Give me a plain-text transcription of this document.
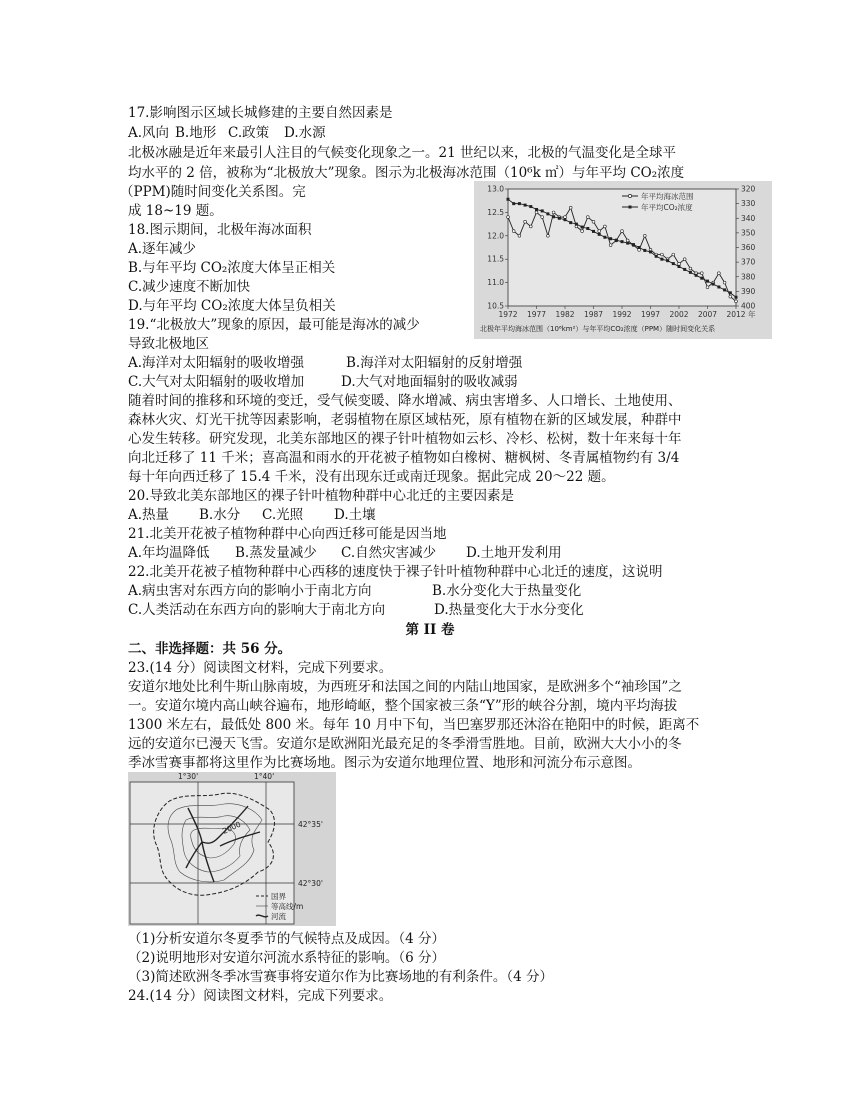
17.影响图示区域长城修建的主要自然因素是
A.风向 B.地形 C.政策 D.水源
北极冰融是近年来最引人注目的气候变化现象之一。21 世纪以来，北极的气温变化是全球平
均水平的 2 倍，被称为“北极放大”现象。图示为北极海冰范围（10⁶k ㎡）与年平均 CO₂浓度
（PPM)随时间变化关系图。完
成 18~19 题。
18.图示期间，北极年海冰面积
A.逐年减少
B.与年平均 CO₂浓度大体呈正相关
C.减少速度不断加快
D.与年平均 CO₂浓度大体呈负相关
19.“北极放大”现象的原因，最可能是海冰的减少
导致北极地区
A.海洋对太阳辐射的吸收增强	B.海洋对太阳辐射的反射增强
C.大气对太阳辐射的吸收增加	D.大气对地面辐射的吸收减弱
随着时间的推移和环境的变迁，受气候变暖、降水增减、病虫害增多、人口增长、土地使用、
森林火灾、灯光干扰等因素影响，老弱植物在原区域枯死，原有植物在新的区域发展，种群中
心发生转移。研究发现，北美东部地区的裸子针叶植物如云杉、冷杉、松树，数十年来每十年
向北迁移了 11 千米；喜高温和雨水的开花被子植物如白橡树、糖枫树、冬青属植物约有 3/4
每十年向西迁移了 15.4 千米，没有出现东迁或南迁现象。据此完成 20～22 题。
20.导致北美东部地区的裸子针叶植物种群中心北迁的主要因素是
A.热量 B.水分 C.光照 D.土壤
21.北美开花被子植物种群中心向西迁移可能是因当地
A.年均温降低 B.蒸发量减少 C.自然灾害减少 D.土地开发利用
22.北美开花被子植物种群中心西移的速度快于裸子针叶植物种群中心北迁的速度，这说明
A.病虫害对东西方向的影响小于南北方向	B.水分变化大于热量变化
C.人类活动在东西方向的影响大于南北方向	D.热量变化大于水分变化
第 II 卷
二、非选择题：共 56 分。
23.(14 分）阅读图文材料，完成下列要求。
安道尔地处比利牛斯山脉南坡，为西班牙和法国之间的内陆山地国家，是欧洲多个“袖珍国”之
一。安道尔境内高山峡谷遍布，地形崎岖，整个国家被三条“Y”形的峡谷分割，境内平均海拔
1300 米左右，最低处 800 米。每年 10 月中下旬，当巴塞罗那还沐浴在艳阳中的时候，距离不
远的安道尔已漫天飞雪。安道尔是欧洲阳光最充足的冬季滑雪胜地。目前，欧洲大大小小的冬
季冰雪赛事都将这里作为比赛场地。图示为安道尔地理位置、地形和河流分布示意图。
（1)分析安道尔冬夏季节的气候特点及成因。（4 分）
（2)说明地形对安道尔河流水系特征的影响。（6 分）
（3)简述欧洲冬季冰雪赛事将安道尔作为比赛场地的有利条件。（4 分）
24.(14 分）阅读图文材料，完成下列要求。
13.0
12.5
12.0
11.5
11.0
10.5
320
330
340
350
360
370
380
390
400
1972 1977 1982 1987 1992 1997 2002 2007 2012 年
年平均海冰范围
年平均CO₂浓度
北极年平均海冰范围（10⁶km²）与年平均CO₂浓度（PPM）随时间变化关系
1°30'	1°40'
42°35'
42°30'
2000
国界
等高线/m
河流
